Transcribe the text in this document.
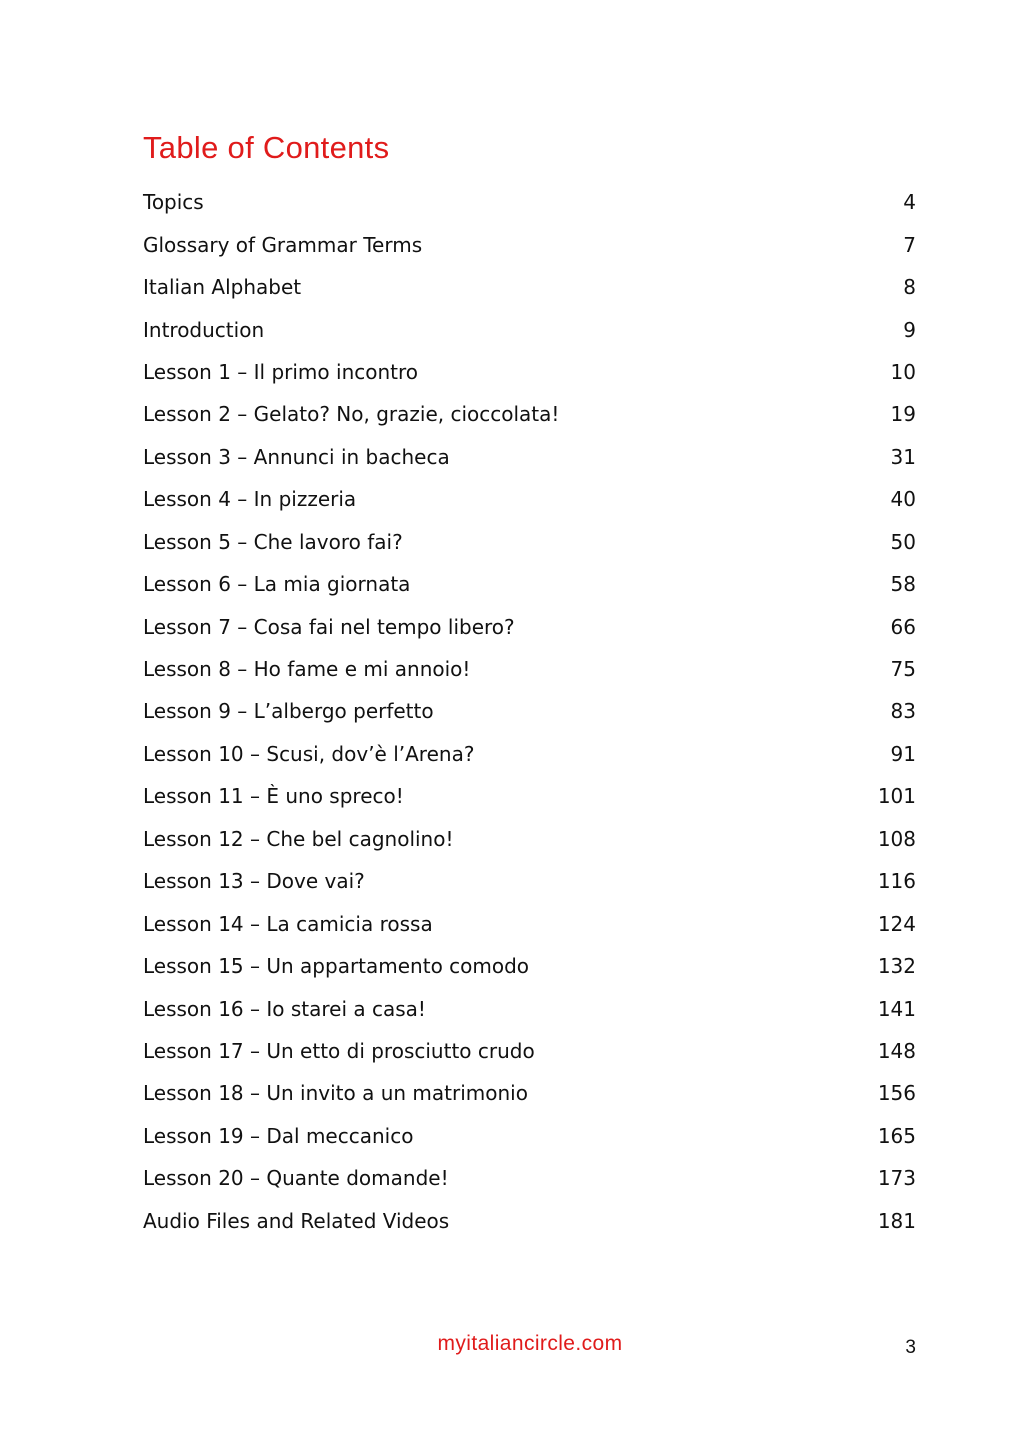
Table of Contents
Topics	4
Glossary of Grammar Terms	7
Italian Alphabet	8
Introduction	9
Lesson 1 – Il primo incontro	10
Lesson 2 – Gelato? No, grazie, cioccolata!	19
Lesson 3 – Annunci in bacheca	31
Lesson 4 – In pizzeria	40
Lesson 5 – Che lavoro fai?	50
Lesson 6 – La mia giornata	58
Lesson 7 – Cosa fai nel tempo libero?	66
Lesson 8 – Ho fame e mi annoio!	75
Lesson 9 – L’albergo perfetto	83
Lesson 10 – Scusi, dov’è l’Arena?	91
Lesson 11 – È uno spreco!	101
Lesson 12 – Che bel cagnolino!	108
Lesson 13 – Dove vai?	116
Lesson 14 – La camicia rossa	124
Lesson 15 – Un appartamento comodo	132
Lesson 16 – Io starei a casa!	141
Lesson 17 – Un etto di prosciutto crudo	148
Lesson 18 – Un invito a un matrimonio	156
Lesson 19 – Dal meccanico	165
Lesson 20 – Quante domande!	173
Audio Files and Related Videos	181
myitaliancircle.com	3
